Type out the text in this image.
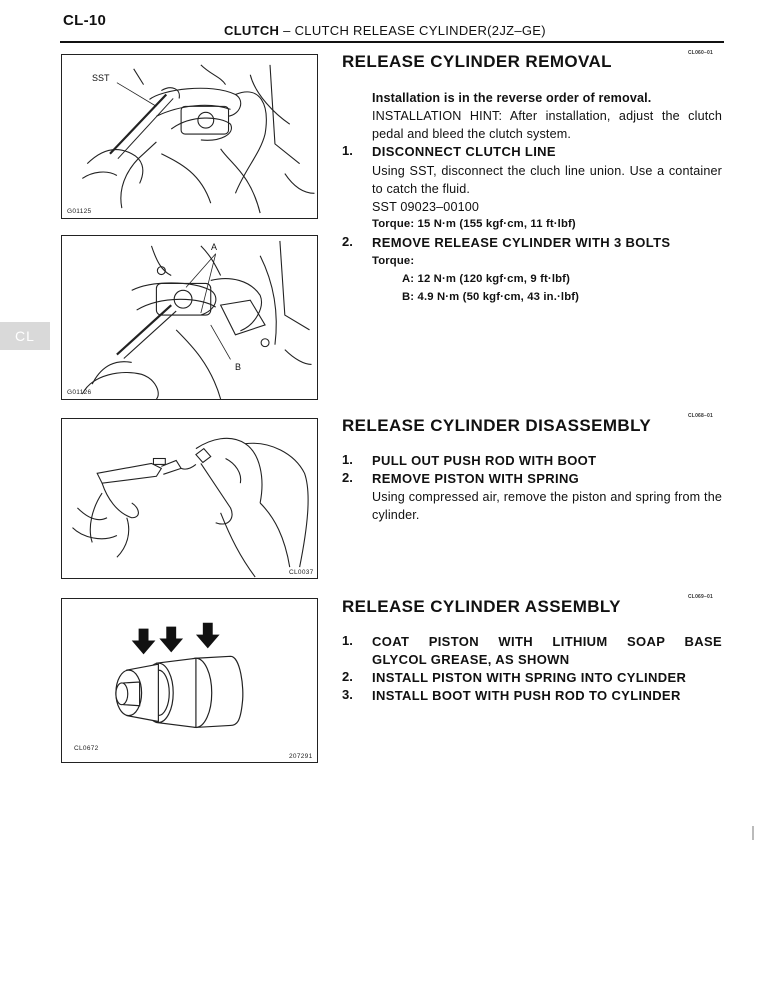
CL-10
CLUTCH – CLUTCH RELEASE CYLINDER(2JZ–GE)
CL
SST
G01125
A
B
G01126
CL0037
CL0672
207291
RELEASE CYLINDER REMOVAL	CL060–01
Installation is in the reverse order of removal.
INSTALLATION HINT: After installation, adjust the clutch pedal and bleed the clutch system.
1. DISCONNECT CLUTCH LINE
Using SST, disconnect the cluch line union. Use a container to catch the fluid.
SST 09023–00100
Torque: 15 N·m (155 kgf·cm, 11 ft·lbf)
2. REMOVE RELEASE CYLINDER WITH 3 BOLTS
Torque:
A: 12 N·m (120 kgf·cm, 9 ft·lbf)
B: 4.9 N·m (50 kgf·cm, 43 in.·lbf)
RELEASE CYLINDER DISASSEMBLY	CL068–01
1. PULL OUT PUSH ROD WITH BOOT
2. REMOVE PISTON WITH SPRING
Using compressed air, remove the piston and spring from the cylinder.
RELEASE CYLINDER ASSEMBLY	CL069–01
1. COAT PISTON WITH LITHIUM SOAP BASE
GLYCOL GREASE, AS SHOWN
2. INSTALL PISTON WITH SPRING INTO CYLINDER
3. INSTALL BOOT WITH PUSH ROD TO CYLINDER
